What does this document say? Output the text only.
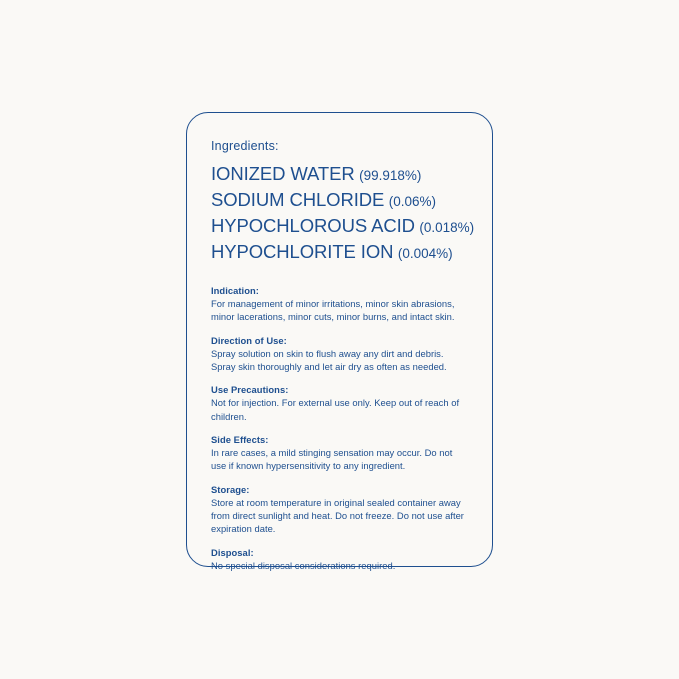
Ingredients:

IONIZED WATER (99.918%)

SODIUM CHLORIDE (0.06%)

HYPOCHLOROUS ACID (0.018%)

HYPOCHLORITE ION (0.004%)

Indication:

For management of minor irritations, minor skin abrasions, minor lacerations, minor cuts, minor burns, and intact skin.

Direction of Use:

Spray solution on skin to flush away any dirt and debris. Spray skin thoroughly and let air dry as often as needed.

Use Precautions:

Not for injection. For external use only. Keep out of reach of children.

Side Effects:

In rare cases, a mild stinging sensation may occur. Do not use if known hypersensitivity to any ingredient.

Storage:

Store at room temperature in original sealed container away from direct sunlight and heat. Do not freeze. Do not use after expiration date.

Disposal:

No special disposal considerations required.
